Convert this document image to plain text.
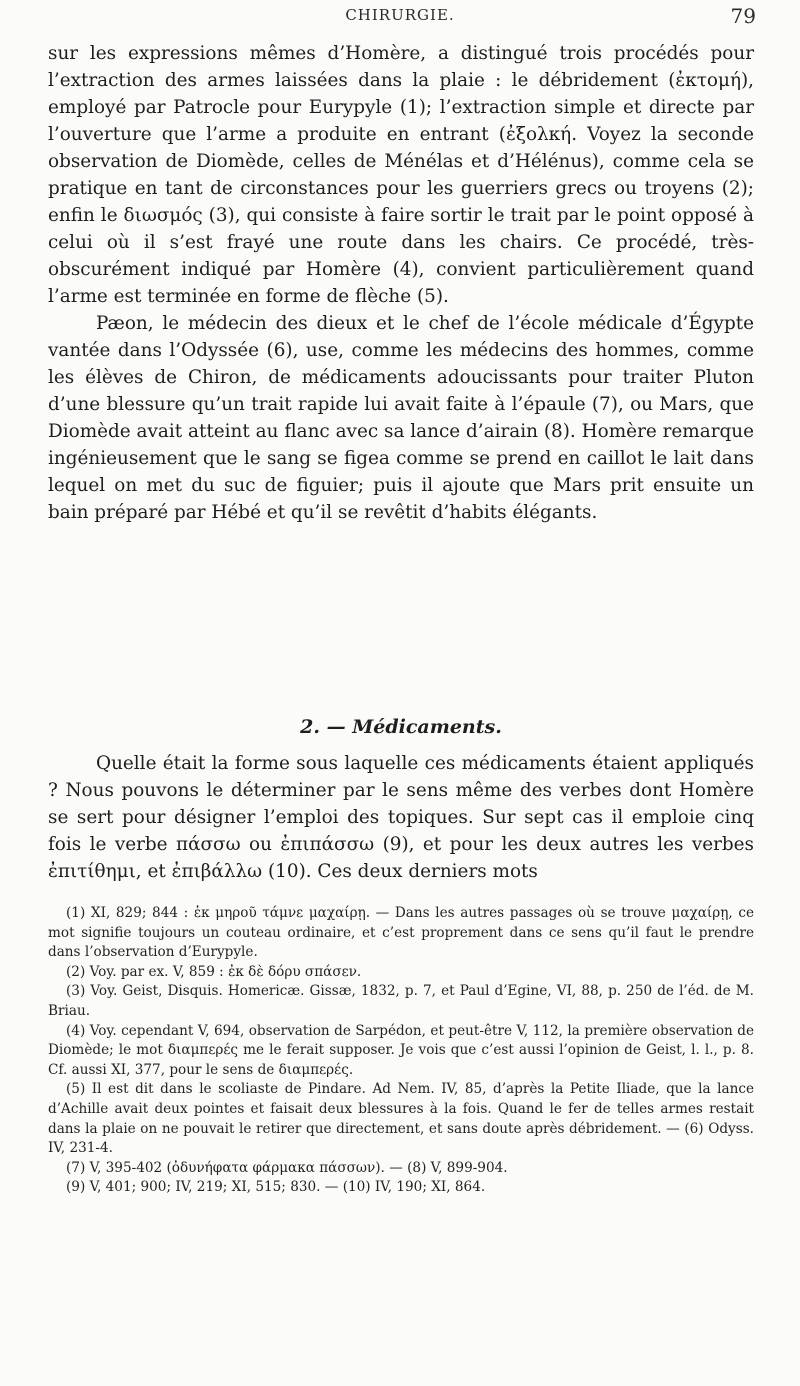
CHIRURGIE.	79

sur les expressions mêmes d’Homère, a distingué trois procédés pour l’extraction des armes laissées dans la plaie : le débridement (ἐκτομή), employé par Patrocle pour Eurypyle (1); l’extraction simple et directe par l’ouverture que l’arme a produite en entrant (ἐξολκή. Voyez la seconde observation de Diomède, celles de Ménélas et d’Hélénus), comme cela se pratique en tant de circonstances pour les guerriers grecs ou troyens (2); enfin le διωσμός (3), qui consiste à faire sortir le trait par le point opposé à celui où il s’est frayé une route dans les chairs. Ce procédé, très-obscurément indiqué par Homère (4), convient particulièrement quand l’arme est terminée en forme de flèche (5).

Pæon, le médecin des dieux et le chef de l’école médicale d’Égypte vantée dans l’Odyssée (6), use, comme les médecins des hommes, comme les élèves de Chiron, de médicaments adoucissants pour traiter Pluton d’une blessure qu’un trait rapide lui avait faite à l’épaule (7), ou Mars, que Diomède avait atteint au flanc avec sa lance d’airain (8). Homère remarque ingénieusement que le sang se figea comme se prend en caillot le lait dans lequel on met du suc de figuier; puis il ajoute que Mars prit ensuite un bain préparé par Hébé et qu’il se revêtit d’habits élégants.

2. — Médicaments.

Quelle était la forme sous laquelle ces médicaments étaient appliqués ? Nous pouvons le déterminer par le sens même des verbes dont Homère se sert pour désigner l’emploi des topiques. Sur sept cas il emploie cinq fois le verbe πάσσω ou ἐπιπάσσω (9), et pour les deux autres les verbes ἐπιτίθημι, et ἐπιβάλλω (10). Ces deux derniers mots

(1) XI, 829; 844 : ἐκ μηροῦ τάμνε μαχαίρῃ. — Dans les autres passages où se trouve μαχαίρῃ, ce mot signifie toujours un couteau ordinaire, et c’est proprement dans ce sens qu’il faut le prendre dans l’observation d’Eurypyle.

(2) Voy. par ex. V, 859 : ἐκ δὲ δόρυ σπάσεν.

(3) Voy. Geist, Disquis. Homericæ. Gissæ, 1832, p. 7, et Paul d’Egine, VI, 88, p. 250 de l’éd. de M. Briau.

(4) Voy. cependant V, 694, observation de Sarpédon, et peut-être V, 112, la première observation de Diomède; le mot διαμπερές me le ferait supposer. Je vois que c’est aussi l’opinion de Geist, l. l., p. 8. Cf. aussi XI, 377, pour le sens de διαμπερές.

(5) Il est dit dans le scoliaste de Pindare. Ad Nem. IV, 85, d’après la Petite Iliade, que la lance d’Achille avait deux pointes et faisait deux blessures à la fois. Quand le fer de telles armes restait dans la plaie on ne pouvait le retirer que directement, et sans doute après débridement. — (6) Odyss. IV, 231-4.

(7) V, 395-402 (ὀδυνήφατα φάρμακα πάσσων). — (8) V, 899-904.

(9) V, 401; 900; IV, 219; XI, 515; 830. — (10) IV, 190; XI, 864.
